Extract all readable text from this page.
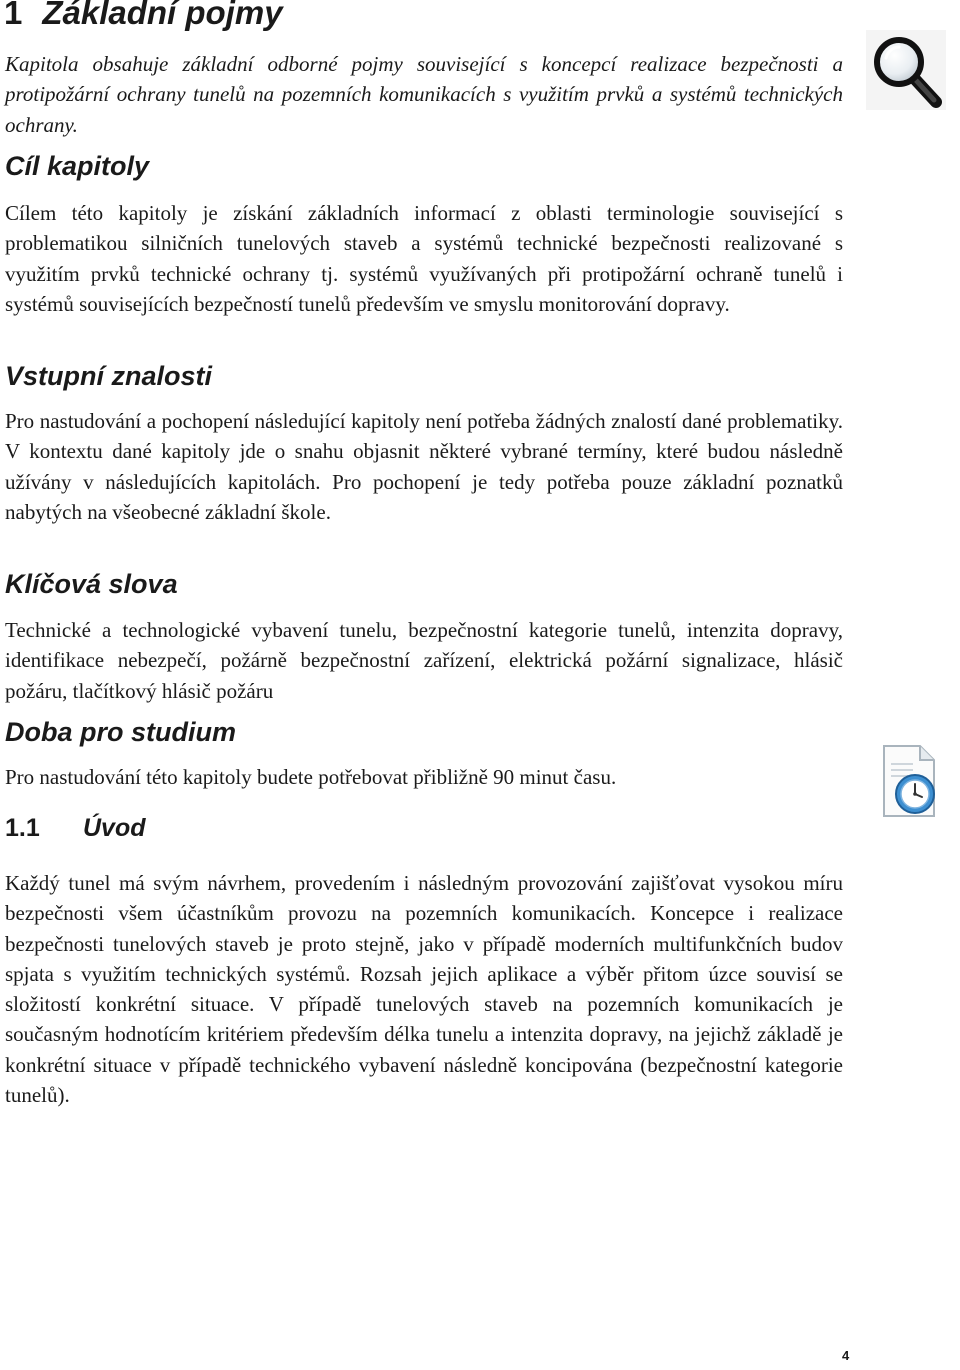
1 Základní pojmy

Kapitola obsahuje základní odborné pojmy související s koncepcí realizace bezpečnosti a protipožární ochrany tunelů na pozemních komunikacích s využitím prvků a systémů technických ochrany.

Cíl kapitoly

Cílem této kapitoly je získání základních informací z oblasti terminologie související s problematikou silničních tunelových staveb a systémů technické bezpečnosti realizované s využitím prvků technické ochrany tj. systémů využívaných při protipožární ochraně tunelů i systémů souvisejících bezpečností tunelů především ve smyslu monitorování dopravy.

Vstupní znalosti

Pro nastudování a pochopení následující kapitoly není potřeba žádných znalostí dané problematiky. V kontextu dané kapitoly jde o snahu objasnit některé vybrané termíny, které budou následně užívány v následujících kapitolách. Pro pochopení je tedy potřeba pouze základní poznatků nabytých na všeobecné základní škole.

Klíčová slova

Technické a technologické vybavení tunelu, bezpečnostní kategorie tunelů, intenzita dopravy, identifikace nebezpečí, požárně bezpečnostní zařízení, elektrická požární signalizace, hlásič požáru, tlačítkový hlásič požáru

Doba pro studium

Pro nastudování této kapitoly budete potřebovat přibližně 90 minut času.

1.1 Úvod

Každý tunel má svým návrhem, provedením i následným provozování zajišťovat vysokou míru bezpečnosti všem účastníkům provozu na pozemních komunikacích. Koncepce i realizace bezpečnosti tunelových staveb je proto stejně, jako v případě moderních multifunkčních budov spjata s využitím technických systémů. Rozsah jejich aplikace a výběr přitom úzce souvisí se složitostí konkrétní situace. V případě tunelových staveb na pozemních komunikacích je současným hodnotícím kritériem především délka tunelu a intenzita dopravy, na jejichž základě je konkrétní situace v případě technického vybavení následně koncipována (bezpečnostní kategorie tunelů).

4
